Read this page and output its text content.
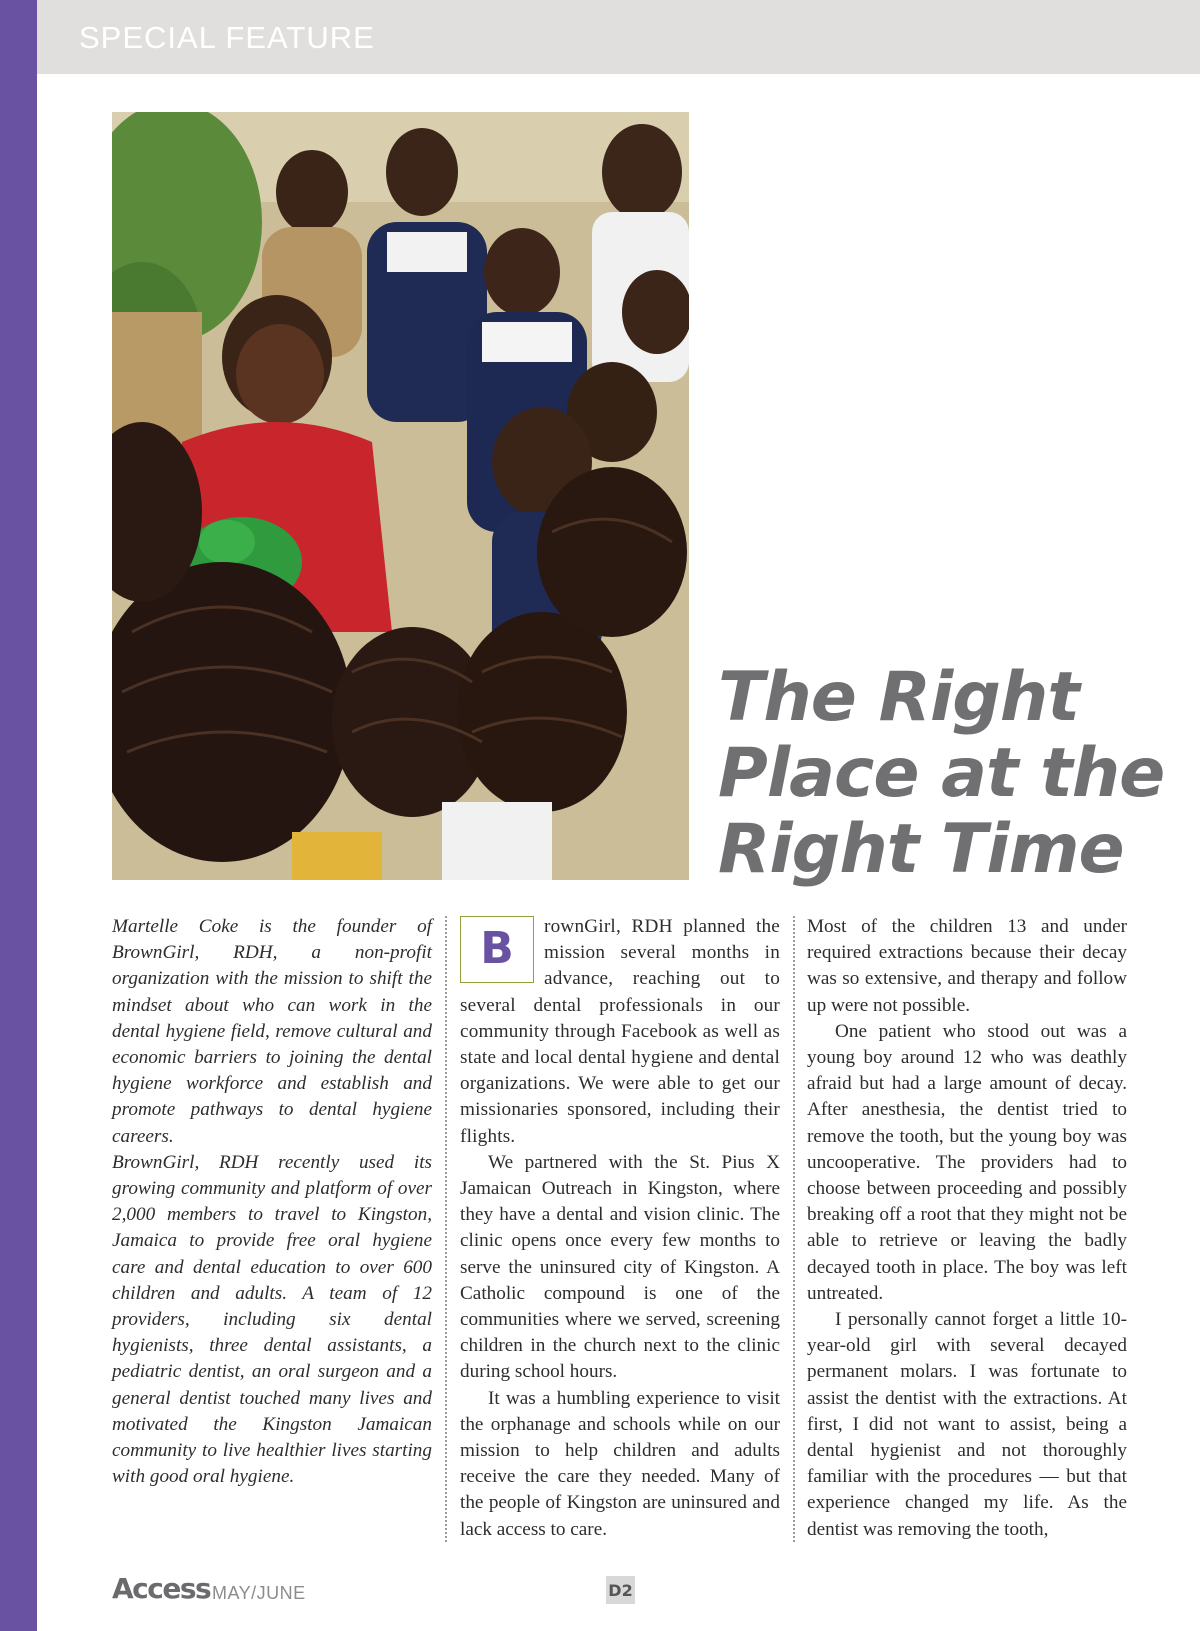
SPECIAL FEATURE
The Right
Place at the
Right Time

Martelle Coke is the founder of BrownGirl, RDH, a non-profit organization with the mission to shift the mindset about who can work in the dental hygiene field, remove cultural and economic barriers to joining the dental hygiene workforce and establish and promote pathways to dental hygiene careers.

BrownGirl, RDH recently used its growing community and platform of over 2,000 members to travel to Kingston, Jamaica to provide free oral hygiene care and dental education to over 600 children and adults. A team of 12 providers, including six dental hygienists, three dental assistants, a pediatric dentist, an oral surgeon and a general dentist touched many lives and motivated the Kingston Jamaican community to live healthier lives starting with good oral hygiene.

B	rownGirl, RDH planned the mission several months in advance, reaching out to several dental professionals in our community through Facebook as well as state and local dental hygiene and dental organizations. We were able to get our missionaries sponsored, including their flights.

We partnered with the St. Pius X Jamaican Outreach in Kingston, where they have a dental and vision clinic. The clinic opens once every few months to serve the uninsured city of Kingston. A Catholic compound is one of the communities where we served, screening children in the church next to the clinic during school hours.

It was a humbling experience to visit the orphanage and schools while on our mission to help children and adults receive the care they needed. Many of the people of Kingston are uninsured and lack access to care.

Most of the children 13 and under required extractions because their decay was so extensive, and therapy and follow up were not possible.

One patient who stood out was a young boy around 12 who was deathly afraid but had a large amount of decay. After anesthesia, the dentist tried to remove the tooth, but the young boy was uncooperative. The providers had to choose between proceeding and possibly breaking off a root that they might not be able to retrieve or leaving the badly decayed tooth in place. The boy was left untreated.

I personally cannot forget a little 10-year-old girl with several decayed permanent molars. I was fortunate to assist the dentist with the extractions. At first, I did not want to assist, being a dental hygienist and not thoroughly familiar with the procedures — but that experience changed my life. As the dentist was removing the tooth,

Access MAY/JUNE	D2
